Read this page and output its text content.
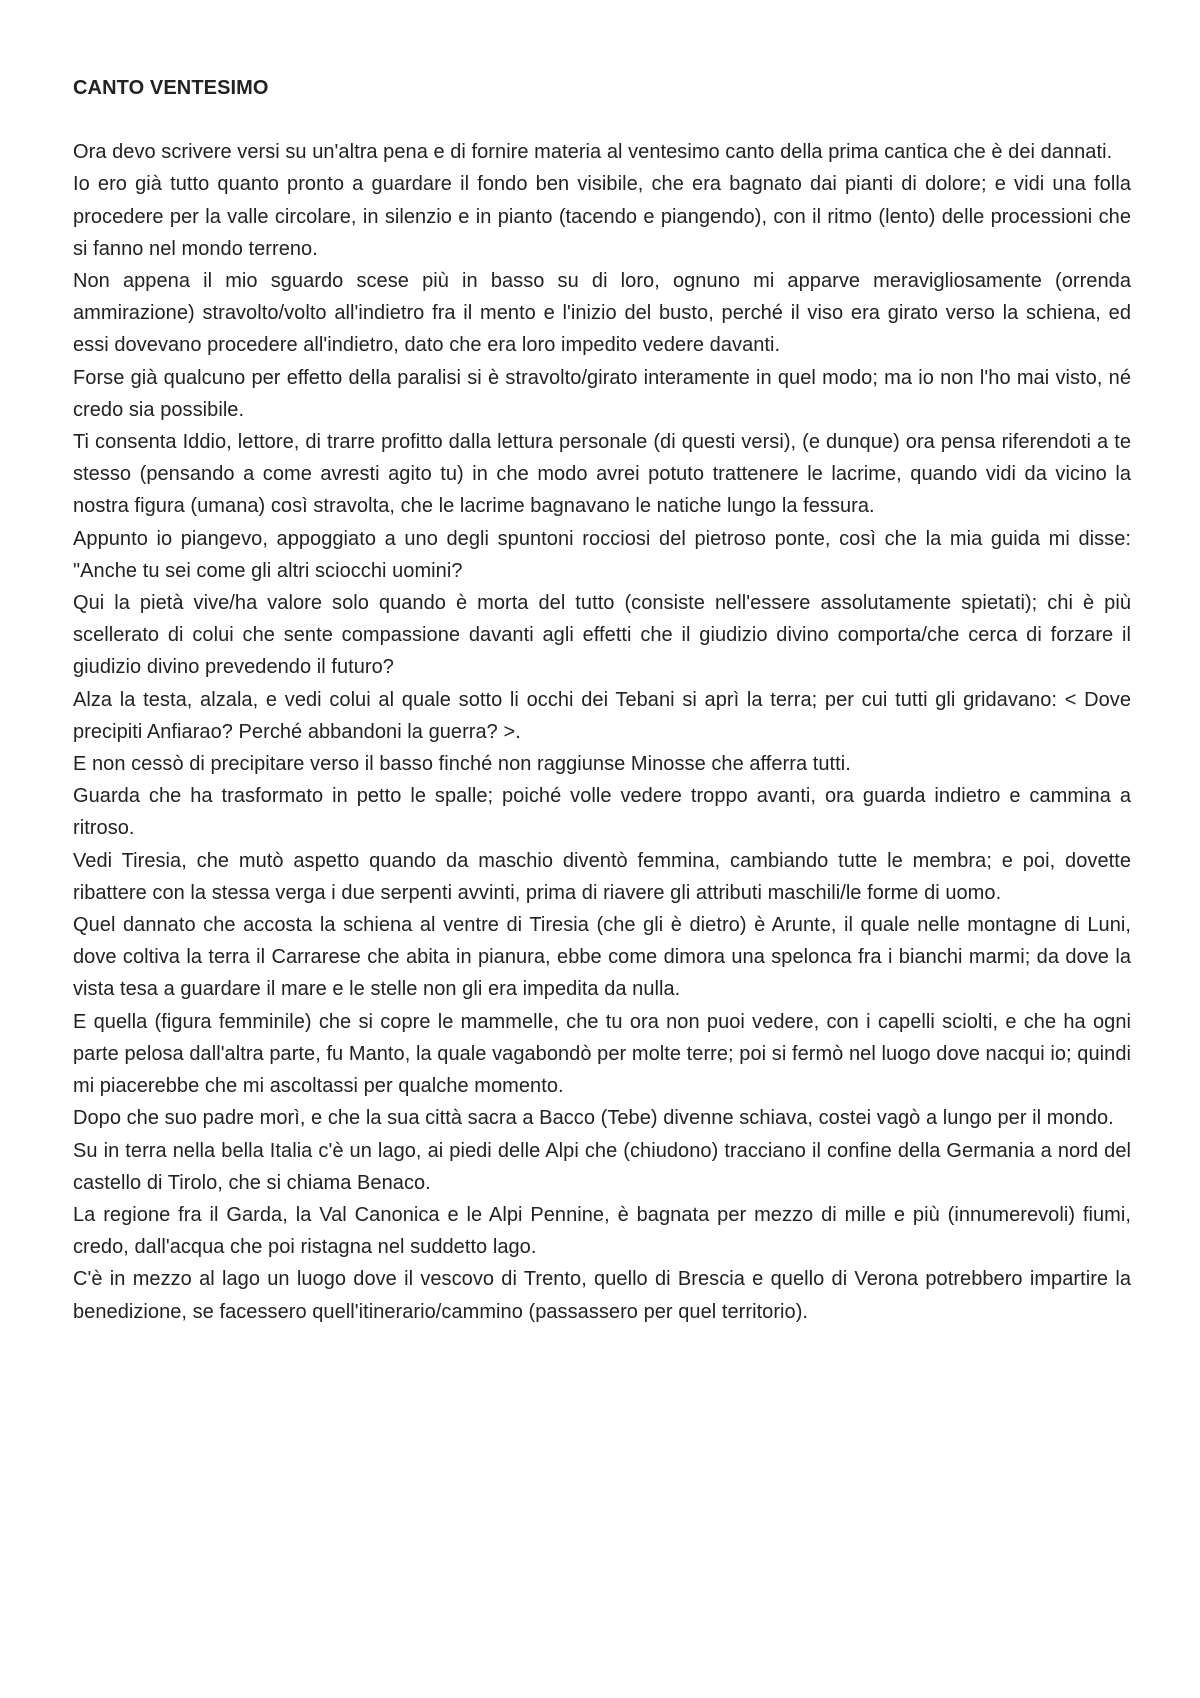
CANTO VENTESIMO

Ora devo scrivere versi su un'altra pena e di fornire materia al ventesimo canto della prima cantica che è dei dannati.

Io ero già tutto quanto pronto a guardare il fondo ben visibile, che era bagnato dai pianti di dolore; e vidi una folla procedere per la valle circolare, in silenzio e in pianto (tacendo e piangendo), con il ritmo (lento) delle processioni che si fanno nel mondo terreno.

Non appena il mio sguardo scese più in basso su di loro, ognuno mi apparve meravigliosamente (orrenda ammirazione) stravolto/volto all'indietro fra il mento e l'inizio del busto, perché il viso era girato verso la schiena, ed essi dovevano procedere all'indietro, dato che era loro impedito vedere davanti.

Forse già qualcuno per effetto della paralisi si è stravolto/girato interamente in quel modo; ma io non l'ho mai visto, né credo sia possibile.

Ti consenta Iddio, lettore, di trarre profitto dalla lettura personale (di questi versi), (e dunque) ora pensa riferendoti a te stesso (pensando a come avresti agito tu) in che modo avrei potuto trattenere le lacrime, quando vidi da vicino la nostra figura (umana) così stravolta, che le lacrime bagnavano le natiche lungo la fessura.

Appunto io piangevo, appoggiato a uno degli spuntoni rocciosi del pietroso ponte, così che la mia guida mi disse: "Anche tu sei come gli altri sciocchi uomini?

Qui la pietà vive/ha valore solo quando è morta del tutto (consiste nell'essere assolutamente spietati); chi è più scellerato di colui che sente compassione davanti agli effetti che il giudizio divino comporta/che cerca di forzare il giudizio divino prevedendo il futuro?

Alza la testa, alzala, e vedi colui al quale sotto li occhi dei Tebani si aprì la terra; per cui tutti gli gridavano: < Dove precipiti Anfiarao? Perché abbandoni la guerra? >.

E non cessò di precipitare verso il basso finché non raggiunse Minosse che afferra tutti.

Guarda che ha trasformato in petto le spalle; poiché volle vedere troppo avanti, ora guarda indietro e cammina a ritroso.

Vedi Tiresia, che mutò aspetto quando da maschio diventò femmina, cambiando tutte le membra; e poi, dovette ribattere con la stessa verga i due serpenti avvinti, prima di riavere gli attributi maschili/le forme di uomo.

Quel dannato che accosta la schiena al ventre di Tiresia (che gli è dietro) è Arunte, il quale nelle montagne di Luni, dove coltiva la terra il Carrarese che abita in pianura, ebbe come dimora una spelonca fra i bianchi marmi; da dove la vista tesa a guardare il mare e le stelle non gli era impedita da nulla.

E quella (figura femminile) che si copre le mammelle, che tu ora non puoi vedere, con i capelli sciolti, e che ha ogni parte pelosa dall'altra parte, fu Manto, la quale vagabondò per molte terre; poi si fermò nel luogo dove nacqui io; quindi mi piacerebbe che mi ascoltassi per qualche momento.

Dopo che suo padre morì, e che la sua città sacra a Bacco (Tebe) divenne schiava, costei vagò a lungo per il mondo.

Su in terra nella bella Italia c'è un lago, ai piedi delle Alpi che (chiudono) tracciano il confine della Germania a nord del castello di Tirolo, che si chiama Benaco.

La regione fra il Garda, la Val Canonica e le Alpi Pennine, è bagnata per mezzo di mille e più (innumerevoli) fiumi, credo, dall'acqua che poi ristagna nel suddetto lago.

C'è in mezzo al lago un luogo dove il vescovo di Trento, quello di Brescia e quello di Verona potrebbero impartire la benedizione, se facessero quell'itinerario/cammino (passassero per quel territorio).
